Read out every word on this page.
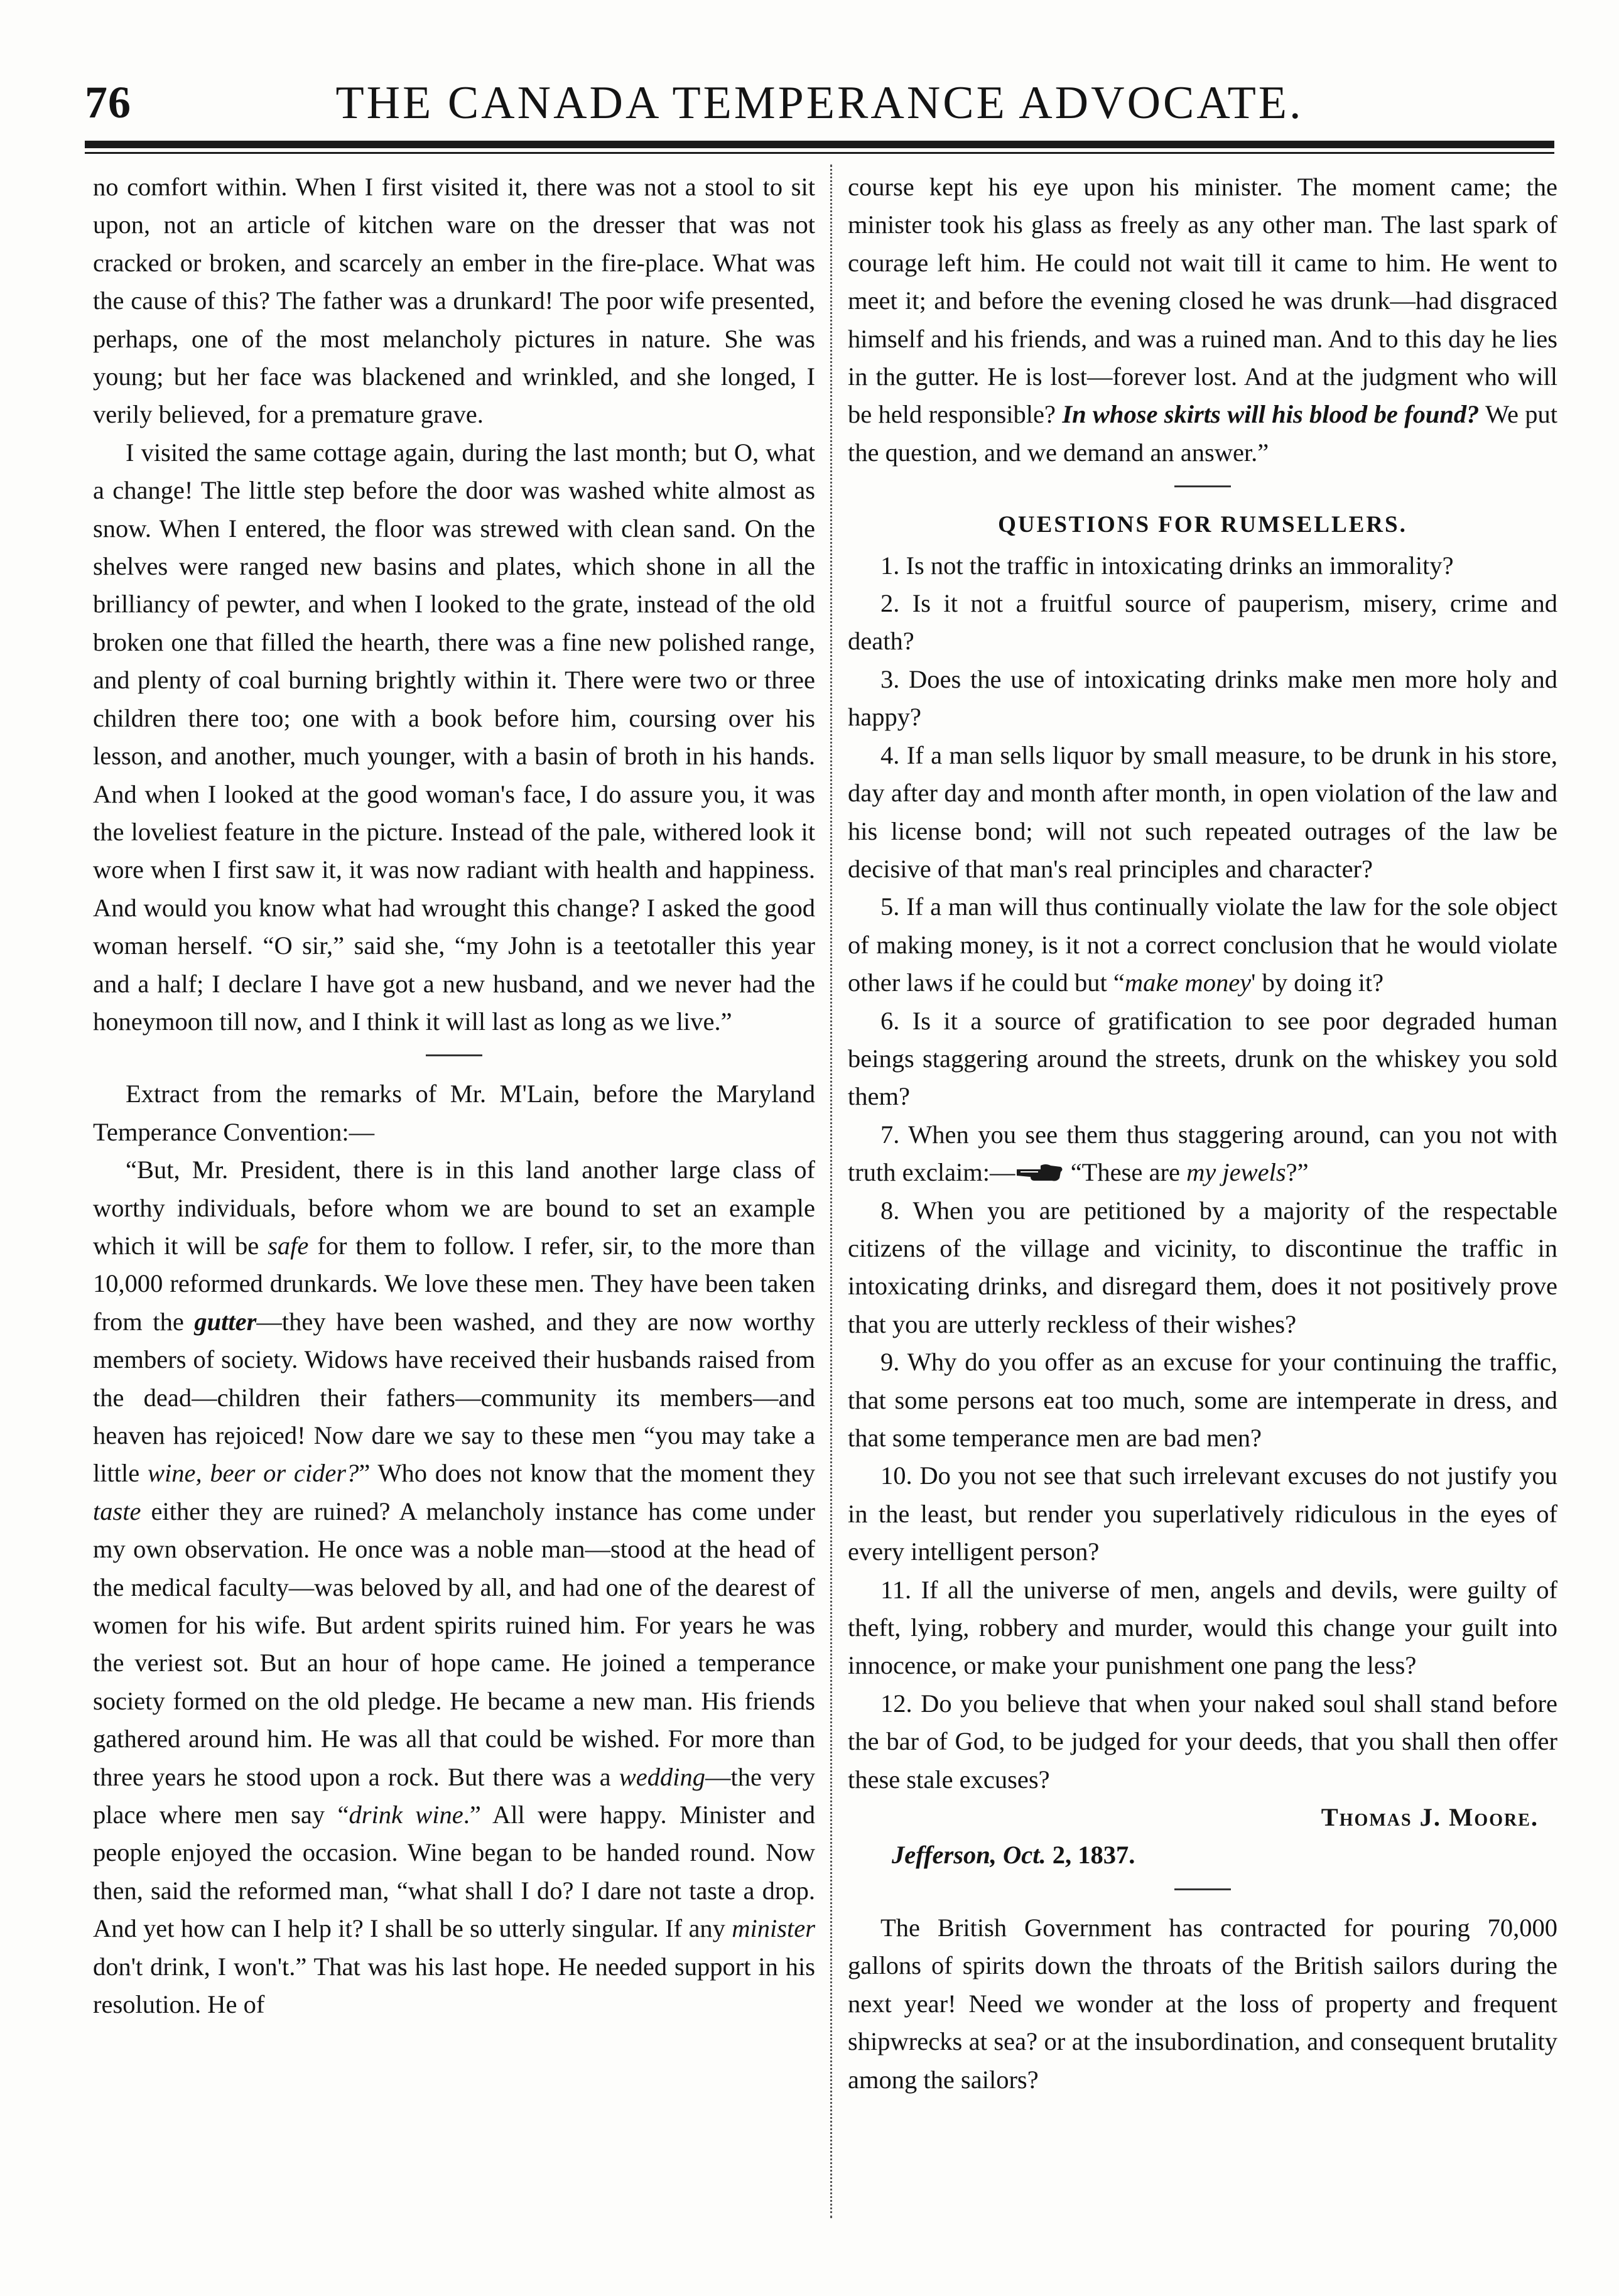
76	THE CANADA TEMPERANCE ADVOCATE.

no comfort within. When I first visited it, there was not a stool to sit upon, not an article of kitchen ware on the dresser that was not cracked or broken, and scarcely an ember in the fire-place. What was the cause of this? The father was a drunkard! The poor wife presented, perhaps, one of the most melancholy pictures in nature. She was young; but her face was blackened and wrinkled, and she longed, I verily believed, for a premature grave.

I visited the same cottage again, during the last month; but O, what a change! The little step before the door was washed white almost as snow. When I entered, the floor was strewed with clean sand. On the shelves were ranged new basins and plates, which shone in all the brilliancy of pewter, and when I looked to the grate, instead of the old broken one that filled the hearth, there was a fine new polished range, and plenty of coal burning brightly within it. There were two or three children there too; one with a book before him, coursing over his lesson, and another, much younger, with a basin of broth in his hands. And when I looked at the good woman's face, I do assure you, it was the loveliest feature in the picture. Instead of the pale, withered look it wore when I first saw it, it was now radiant with health and happiness. And would you know what had wrought this change? I asked the good woman herself. “O sir,” said she, “my John is a teetotaller this year and a half; I declare I have got a new husband, and we never had the honeymoon till now, and I think it will last as long as we live.”

Extract from the remarks of Mr. M'Lain, before the Maryland Temperance Convention:—

“But, Mr. President, there is in this land another large class of worthy individuals, before whom we are bound to set an example which it will be safe for them to follow. I refer, sir, to the more than 10,000 reformed drunkards. We love these men. They have been taken from the gutter—they have been washed, and they are now worthy members of society. Widows have received their husbands raised from the dead—children their fathers—community its members—and heaven has rejoiced! Now dare we say to these men “you may take a little wine, beer or cider?” Who does not know that the moment they taste either they are ruined? A melancholy instance has come under my own observation. He once was a noble man—stood at the head of the medical faculty—was beloved by all, and had one of the dearest of women for his wife. But ardent spirits ruined him. For years he was the veriest sot. But an hour of hope came. He joined a temperance society formed on the old pledge. He became a new man. His friends gathered around him. He was all that could be wished. For more than three years he stood upon a rock. But there was a wedding—the very place where men say “drink wine.” All were happy. Minister and people enjoyed the occasion. Wine began to be handed round. Now then, said the reformed man, “what shall I do? I dare not taste a drop. And yet how can I help it? I shall be so utterly singular. If any minister don't drink, I won't.” That was his last hope. He needed support in his resolution. He of

course kept his eye upon his minister. The moment came; the minister took his glass as freely as any other man. The last spark of courage left him. He could not wait till it came to him. He went to meet it; and before the evening closed he was drunk—had disgraced himself and his friends, and was a ruined man. And to this day he lies in the gutter. He is lost—forever lost. And at the judgment who will be held responsible? In whose skirts will his blood be found? We put the question, and we demand an answer.”

QUESTIONS FOR RUMSELLERS.

1. Is not the traffic in intoxicating drinks an immorality?

2. Is it not a fruitful source of pauperism, misery, crime and death?

3. Does the use of intoxicating drinks make men more holy and happy?

4. If a man sells liquor by small measure, to be drunk in his store, day after day and month after month, in open violation of the law and his license bond; will not such repeated outrages of the law be decisive of that man's real principles and character?

5. If a man will thus continually violate the law for the sole object of making money, is it not a correct conclusion that he would violate other laws if he could but “make money' by doing it?

6. Is it a source of gratification to see poor degraded human beings staggering around the streets, drunk on the whiskey you sold them?

7. When you see them thus staggering around, can you not with truth exclaim:— “These are my jewels?”

8. When you are petitioned by a majority of the respectable citizens of the village and vicinity, to discontinue the traffic in intoxicating drinks, and disregard them, does it not positively prove that you are utterly reckless of their wishes?

9. Why do you offer as an excuse for your continuing the traffic, that some persons eat too much, some are intemperate in dress, and that some temperance men are bad men?

10. Do you not see that such irrelevant excuses do not justify you in the least, but render you superlatively ridiculous in the eyes of every intelligent person?

11. If all the universe of men, angels and devils, were guilty of theft, lying, robbery and murder, would this change your guilt into innocence, or make your punishment one pang the less?

12. Do you believe that when your naked soul shall stand before the bar of God, to be judged for your deeds, that you shall then offer these stale excuses?

Thomas J. Moore.

Jefferson, Oct. 2, 1837.

The British Government has contracted for pouring 70,000 gallons of spirits down the throats of the British sailors during the next year! Need we wonder at the loss of property and frequent shipwrecks at sea? or at the insubordination, and consequent brutality among the sailors?
